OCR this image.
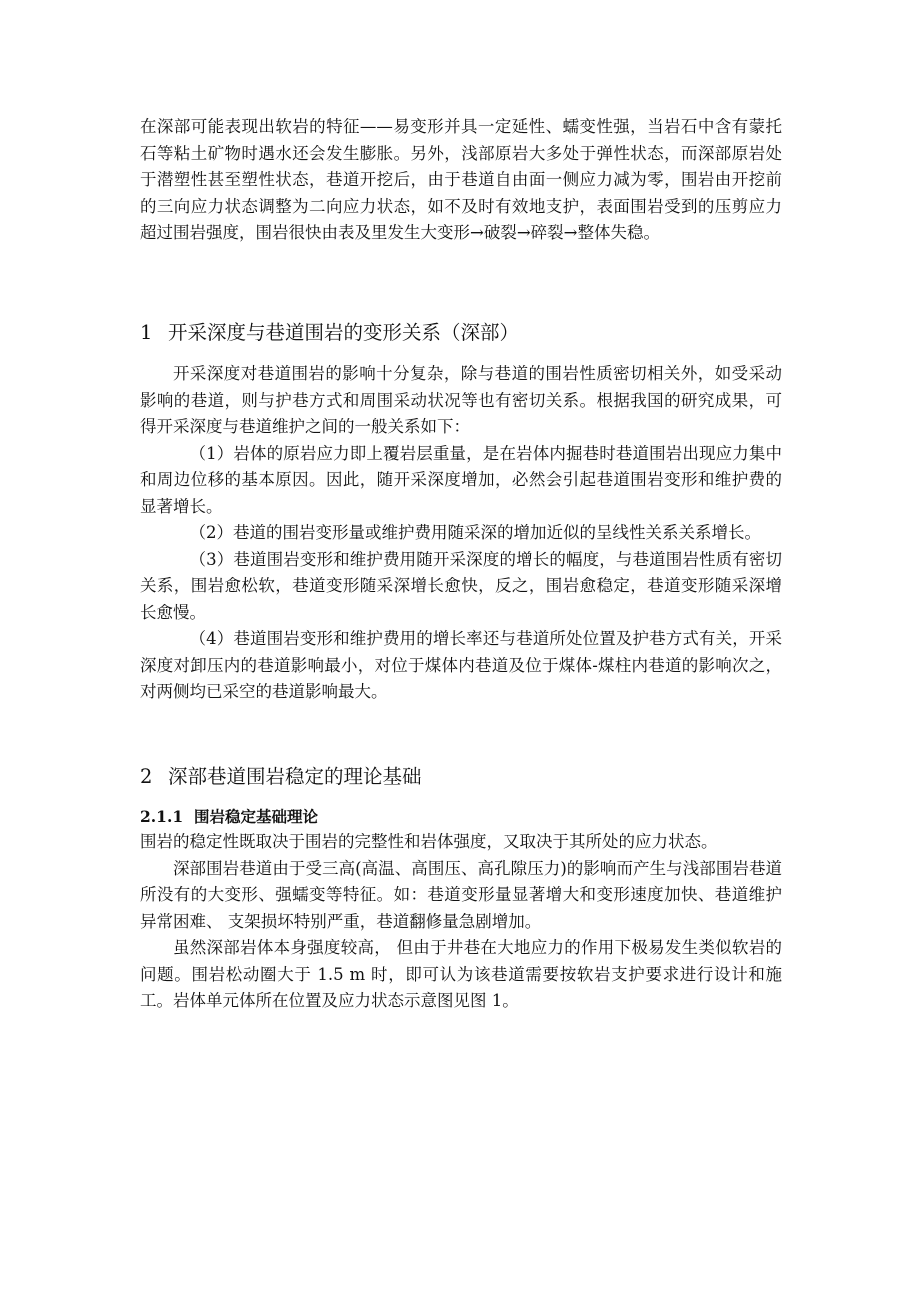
在深部可能表现出软岩的特征——易变形并具一定延性、蠕变性强，当岩石中含有蒙托石等粘土矿物时遇水还会发生膨胀。另外，浅部原岩大多处于弹性状态，而深部原岩处于潜塑性甚至塑性状态，巷道开挖后，由于巷道自由面一侧应力减为零，围岩由开挖前的三向应力状态调整为二向应力状态，如不及时有效地支护，表面围岩受到的压剪应力超过围岩强度，围岩很快由表及里发生大变形→破裂→碎裂→整体失稳。

1 开采深度与巷道围岩的变形关系（深部）

开采深度对巷道围岩的影响十分复杂，除与巷道的围岩性质密切相关外，如受采动影响的巷道，则与护巷方式和周围采动状况等也有密切关系。根据我国的研究成果，可得开采深度与巷道维护之间的一般关系如下：

（1）岩体的原岩应力即上覆岩层重量，是在岩体内掘巷时巷道围岩出现应力集中和周边位移的基本原因。因此，随开采深度增加，必然会引起巷道围岩变形和维护费的显著增长。

（2）巷道的围岩变形量或维护费用随采深的增加近似的呈线性关系关系增长。

（3）巷道围岩变形和维护费用随开采深度的增长的幅度，与巷道围岩性质有密切关系，围岩愈松软，巷道变形随采深增长愈快，反之，围岩愈稳定，巷道变形随采深增长愈慢。

（4）巷道围岩变形和维护费用的增长率还与巷道所处位置及护巷方式有关，开采深度对卸压内的巷道影响最小，对位于煤体内巷道及位于煤体-煤柱内巷道的影响次之，对两侧均已采空的巷道影响最大。

2 深部巷道围岩稳定的理论基础
2.1.1 围岩稳定基础理论

围岩的稳定性既取决于围岩的完整性和岩体强度，又取决于其所处的应力状态。

深部围岩巷道由于受三高(高温、高围压、高孔隙压力)的影响而产生与浅部围岩巷道所没有的大变形、强蠕变等特征。如：巷道变形量显著增大和变形速度加快、巷道维护异常困难、 支架损坏特别严重，巷道翻修量急剧增加。

虽然深部岩体本身强度较高， 但由于井巷在大地应力的作用下极易发生类似软岩的问题。围岩松动圈大于 1.5 m 时，即可认为该巷道需要按软岩支护要求进行设计和施工。岩体单元体所在位置及应力状态示意图见图 1。
